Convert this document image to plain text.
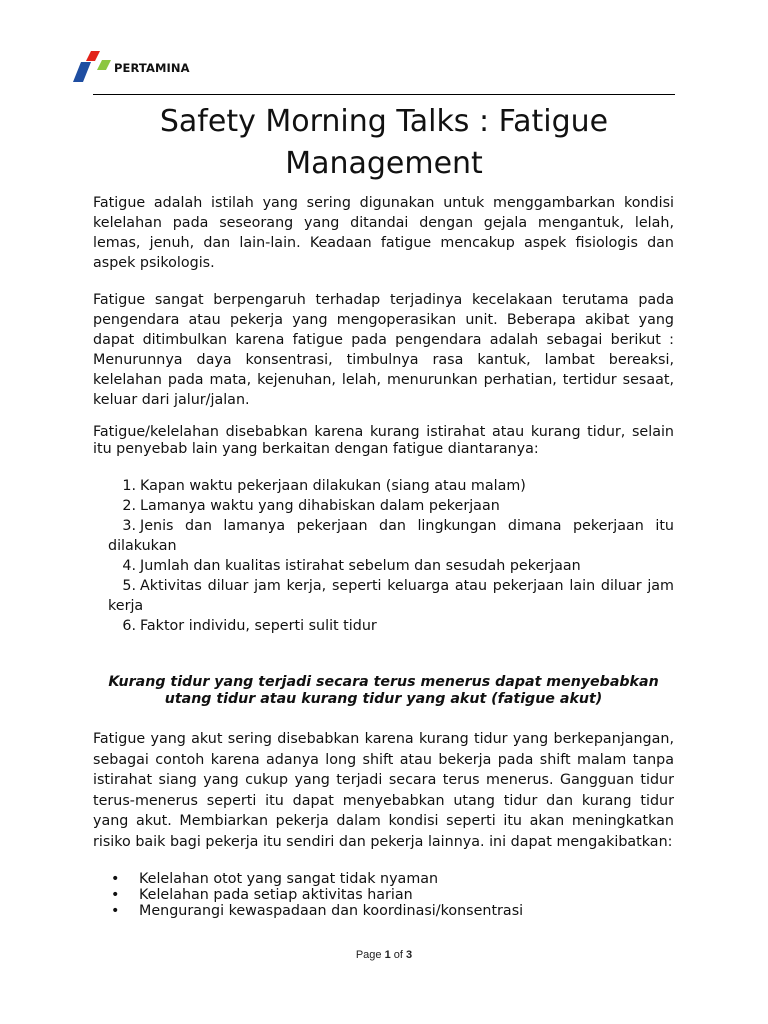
PERTAMINA
Safety Morning Talks : Fatigue Management

Fatigue adalah istilah yang sering digunakan untuk menggambarkan kondisi kelelahan pada seseorang yang ditandai dengan gejala mengantuk, lelah, lemas, jenuh, dan lain-lain. Keadaan fatigue mencakup aspek fisiologis dan aspek psikologis.

Fatigue sangat berpengaruh terhadap terjadinya kecelakaan terutama pada pengendara atau pekerja yang mengoperasikan unit. Beberapa akibat yang dapat ditimbulkan karena fatigue pada pengendara adalah sebagai berikut : Menurunnya daya konsentrasi, timbulnya rasa kantuk, lambat bereaksi, kelelahan pada mata, kejenuhan, lelah, menurunkan perhatian, tertidur sesaat, keluar dari jalur/jalan.

Fatigue/kelelahan disebabkan karena kurang istirahat atau kurang tidur, selain itu penyebab lain yang berkaitan dengan fatigue diantaranya:

1. Kapan waktu pekerjaan dilakukan (siang atau malam)
2. Lamanya waktu yang dihabiskan dalam pekerjaan
3. Jenis dan lamanya pekerjaan dan lingkungan dimana pekerjaan itu dilakukan
4. Jumlah dan kualitas istirahat sebelum dan sesudah pekerjaan
5. Aktivitas diluar jam kerja, seperti keluarga atau pekerjaan lain diluar jam kerja
6. Faktor individu, seperti sulit tidur

Kurang tidur yang terjadi secara terus menerus dapat menyebabkan utang tidur atau kurang tidur yang akut (fatigue akut)

Fatigue yang akut sering disebabkan karena kurang tidur yang berkepanjangan, sebagai contoh karena adanya long shift atau bekerja pada shift malam tanpa istirahat siang yang cukup yang terjadi secara terus menerus. Gangguan tidur terus-menerus seperti itu dapat menyebabkan utang tidur dan kurang tidur yang akut. Membiarkan pekerja dalam kondisi seperti itu akan meningkatkan risiko baik bagi pekerja itu sendiri dan pekerja lainnya. ini dapat mengakibatkan:

• Kelelahan otot yang sangat tidak nyaman
• Kelelahan pada setiap aktivitas harian
• Mengurangi kewaspadaan dan koordinasi/konsentrasi
Page 1 of 3
